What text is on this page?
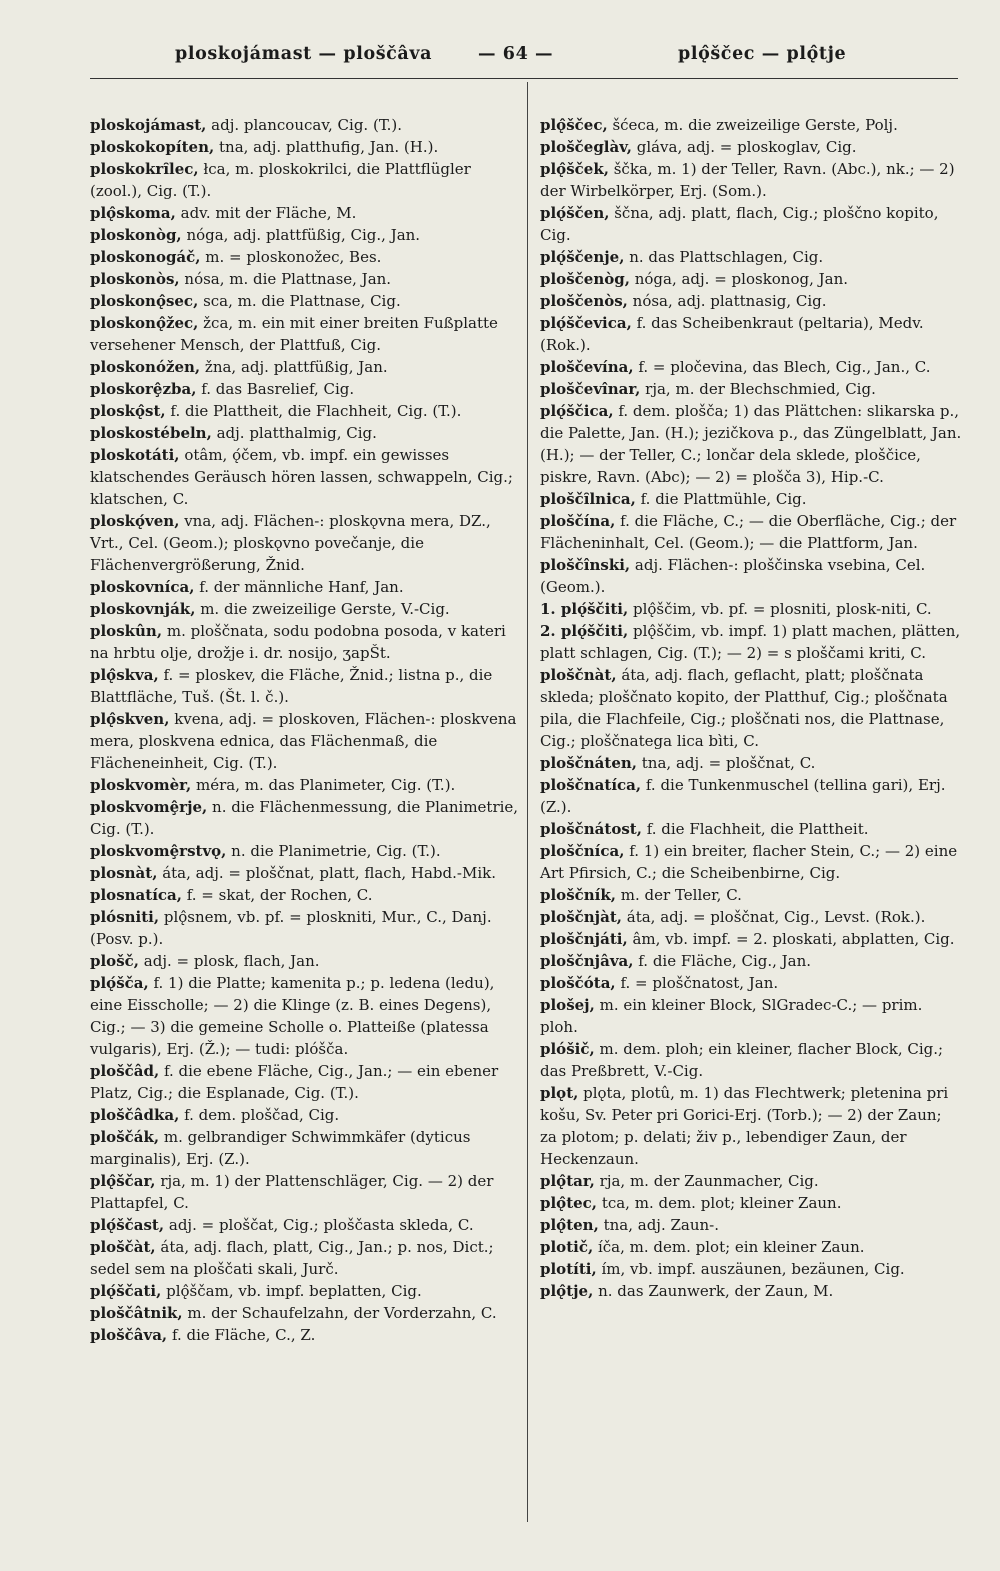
ploskojámast — ploščâva	— 64 —	plǫ̂ščec — plǫ̂tje
ploskojámast, adj. plancoucav, Cig. (T.).
ploskokopíten, tna, adj. platthufig, Jan. (H.).
ploskokrȋlec, łca, m. ploskokrilci, die Plattflügler (zool.), Cig. (T.).
plǫ̂skoma, adv. mit der Fläche, M.
ploskonòg, nóga, adj. plattfüßig, Cig., Jan.
ploskonogáč, m. = ploskonožec, Bes.
ploskonòs, nósa, m. die Plattnase, Jan.
ploskonǫ̂sec, sca, m. die Plattnase, Cig.
ploskonǫ̂žec, žca, m. ein mit einer breiten Fußplatte versehener Mensch, der Plattfuß, Cig.
ploskonóžen, žna, adj. plattfüßig, Jan.
ploskorȩ̂zba, f. das Basrelief, Cig.
ploskǫ̂st, f. die Plattheit, die Flachheit, Cig. (T.).
ploskostébeln, adj. platthalmig, Cig.
ploskotáti, otâm, ǫ́čem, vb. impf. ein gewisses klatschendes Geräusch hören lassen, schwappeln, Cig.; klatschen, C.
ploskǫ́ven, vna, adj. Flächen-: ploskǫvna mera, DZ., Vrt., Cel. (Geom.); ploskǫvno povečanje, die Flächenvergrößerung, Žnid.
ploskovníca, f. der männliche Hanf, Jan.
ploskovnják, m. die zweizeilige Gerste, V.-Cig.
ploskûn, m. ploščnata, sodu podobna posoda, v kateri na hrbtu olje, drožje i. dr. nosijo, ʒapŠt.
plǫ̂skva, f. = ploskev, die Fläche, Žnid.; listna p., die Blattfläche, Tuš. (Št. l. č.).
plǫ̂skven, kvena, adj. = ploskoven, Flächen-: ploskvena mera, ploskvena ednica, das Flächenmaß, die Flächeneinheit, Cig. (T.).
ploskvomèr, méra, m. das Planimeter, Cig. (T.).
ploskvomȩ̂rje, n. die Flächenmessung, die Planimetrie, Cig. (T.).
ploskvomȩ̂rstvǫ, n. die Planimetrie, Cig. (T.).
plosnàt, áta, adj. = ploščnat, platt, flach, Habd.-Mik.
plosnatíca, f. = skat, der Rochen, C.
plósniti, plǫ̂snem, vb. pf. = ploskniti, Mur., C., Danj. (Posv. p.).
plošč, adj. = plosk, flach, Jan.
plǫ́šča, f. 1) die Platte; kamenita p.; p. ledena (ledu), eine Eisscholle; — 2) die Klinge (z. B. eines Degens), Cig.; — 3) die gemeine Scholle o. Platteiße (platessa vulgaris), Erj. (Ž.); — tudi: plóšča.
ploščâd, f. die ebene Fläche, Cig., Jan.; — ein ebener Platz, Cig.; die Esplanade, Cig. (T.).
ploščâdka, f. dem. ploščad, Cig.
ploščák, m. gelbrandiger Schwimmkäfer (dyticus marginalis), Erj. (Z.).
plǫ̂ščar, rja, m. 1) der Plattenschläger, Cig. — 2) der Plattapfel, C.
plǫ́ščast, adj. = ploščat, Cig.; ploščasta skleda, C.
ploščàt, áta, adj. flach, platt, Cig., Jan.; p. nos, Dict.; sedel sem na ploščati skali, Jurč.
plǫ́ščati, plǫ̂ščam, vb. impf. beplatten, Cig.
ploščâtnik, m. der Schaufelzahn, der Vorderzahn, C.
ploščâva, f. die Fläche, C., Z.
plǫ̂ščec, šćeca, m. die zweizeilige Gerste, Polj.
ploščeglàv, gláva, adj. = ploskoglav, Cig.
plǫ̂šček, ščka, m. 1) der Teller, Ravn. (Abc.), nk.; — 2) der Wirbelkörper, Erj. (Som.).
plǫ́ščen, ščna, adj. platt, flach, Cig.; ploščno kopito, Cig.
plǫ́ščenje, n. das Plattschlagen, Cig.
ploščenòg, nóga, adj. = ploskonog, Jan.
ploščenòs, nósa, adj. plattnasig, Cig.
plǫ́ščevica, f. das Scheibenkraut (peltaria), Medv. (Rok.).
ploščevína, f. = pločevina, das Blech, Cig., Jan., C.
ploščevînar, rja, m. der Blechschmied, Cig.
plǫ́ščica, f. dem. plošča; 1) das Plättchen: slikarska p., die Palette, Jan. (H.); jezičkova p., das Züngelblatt, Jan. (H.); — der Teller, C.; lončar dela sklede, ploščice, piskre, Ravn. (Abc); — 2) = plošča 3), Hip.-C.
ploščȋlnica, f. die Plattmühle, Cig.
ploščína, f. die Fläche, C.; — die Oberfläche, Cig.; der Flächeninhalt, Cel. (Geom.); — die Plattform, Jan.
ploščînski, adj. Flächen-: ploščinska vsebina, Cel. (Geom.).
1. plǫ́ščiti, plǫ̂ščim, vb. pf. = plosniti, plosk-niti, C.
2. plǫ́ščiti, plǫ̂ščim, vb. impf. 1) platt machen, plätten, platt schlagen, Cig. (T.); — 2) = s ploščami kriti, C.
ploščnàt, áta, adj. flach, geflacht, platt; ploščnata skleda; ploščnato kopito, der Platthuf, Cig.; ploščnata pila, die Flachfeile, Cig.; ploščnati nos, die Plattnase, Cig.; ploščnatega lica bìti, C.
ploščnáten, tna, adj. = ploščnat, C.
ploščnatíca, f. die Tunkenmuschel (tellina gari), Erj. (Z.).
ploščnátost, f. die Flachheit, die Plattheit.
ploščníca, f. 1) ein breiter, flacher Stein, C.; — 2) eine Art Pfirsich, C.; die Scheibenbirne, Cig.
ploščník, m. der Teller, C.
ploščnjàt, áta, adj. = ploščnat, Cig., Levst. (Rok.).
ploščnjáti, âm, vb. impf. = 2. ploskati, abplatten, Cig.
ploščnjâva, f. die Fläche, Cig., Jan.
ploščóta, f. = ploščnatost, Jan.
plošej, m. ein kleiner Block, SlGradec-C.; — prim. ploh.
plóšič, m. dem. ploh; ein kleiner, flacher Block, Cig.; das Preßbrett, V.-Cig.
plǫt, plǫta, plotû, m. 1) das Flechtwerk; pletenina pri košu, Sv. Peter pri Gorici-Erj. (Torb.); — 2) der Zaun; za plotom; p. delati; živ p., lebendiger Zaun, der Heckenzaun.
plǫ̂tar, rja, m. der Zaunmacher, Cig.
plǫ̂tec, tca, m. dem. plot; kleiner Zaun.
plǫ̂ten, tna, adj. Zaun-.
plotič, íča, m. dem. plot; ein kleiner Zaun.
plotíti, ím, vb. impf. auszäunen, bezäunen, Cig.
plǫ̂tje, n. das Zaunwerk, der Zaun, M.
